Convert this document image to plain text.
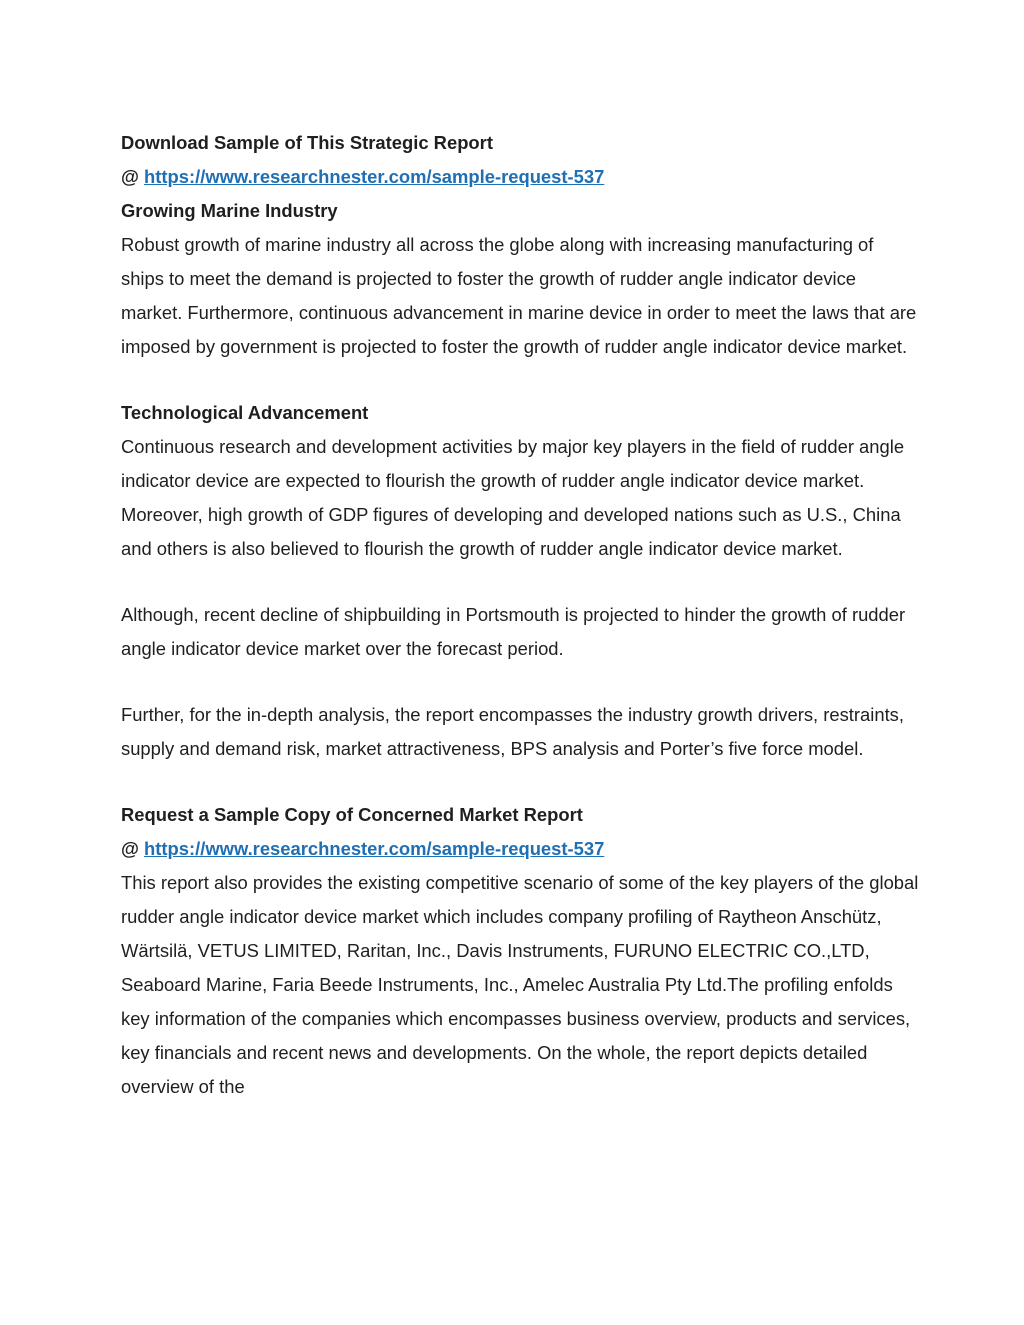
Download Sample of This Strategic Report

@ https://www.researchnester.com/sample-request-537

Growing Marine Industry

Robust growth of marine industry all across the globe along with increasing manufacturing of ships to meet the demand is projected to foster the growth of rudder angle indicator device market. Furthermore, continuous advancement in marine device in order to meet the laws that are imposed by government is projected to foster the growth of rudder angle indicator device market.

Technological Advancement

Continuous research and development activities by major key players in the field of rudder angle indicator device are expected to flourish the growth of rudder angle indicator device market. Moreover, high growth of GDP figures of developing and developed nations such as U.S., China and others is also believed to flourish the growth of rudder angle indicator device market.

Although, recent decline of shipbuilding in Portsmouth is projected to hinder the growth of rudder angle indicator device market over the forecast period.

Further, for the in-depth analysis, the report encompasses the industry growth drivers, restraints, supply and demand risk, market attractiveness, BPS analysis and Porter’s five force model.

Request a Sample Copy of Concerned Market Report

@ https://www.researchnester.com/sample-request-537

This report also provides the existing competitive scenario of some of the key players of the global rudder angle indicator device market which includes company profiling of Raytheon Anschütz, Wärtsilä, VETUS LIMITED, Raritan, Inc., Davis Instruments, FURUNO ELECTRIC CO.,LTD, Seaboard Marine, Faria Beede Instruments, Inc., Amelec Australia Pty Ltd.The profiling enfolds key information of the companies which encompasses business overview, products and services, key financials and recent news and developments. On the whole, the report depicts detailed overview of the
